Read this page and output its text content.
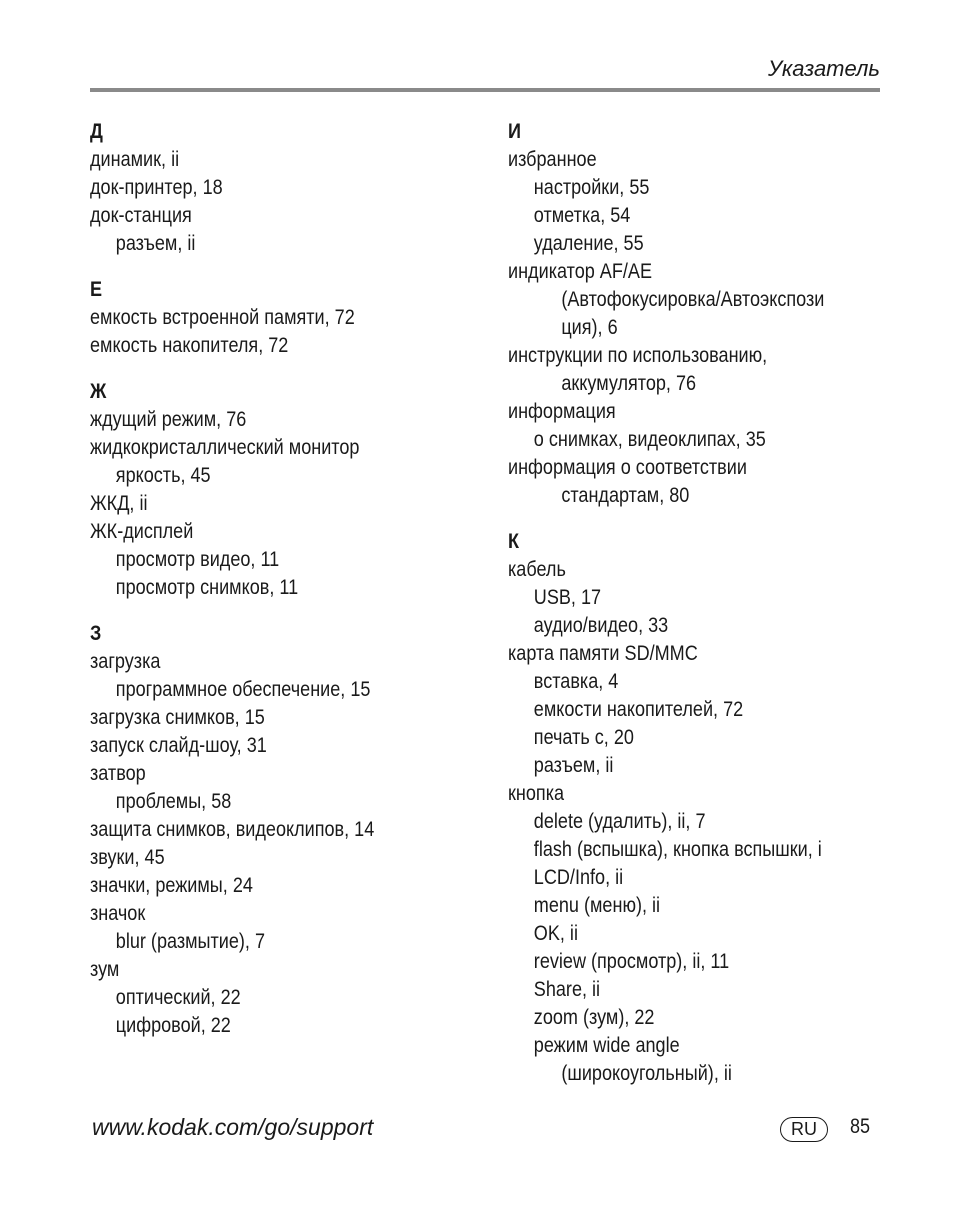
Указатель
Д
динамик, ii
док-принтер, 18
док-станция
разъем, ii
Е
емкость встроенной памяти, 72
емкость накопителя, 72
Ж
ждущий режим, 76
жидкокристаллический монитор
яркость, 45
ЖКД, ii
ЖК-дисплей
просмотр видео, 11
просмотр снимков, 11
З
загрузка
программное обеспечение, 15
загрузка снимков, 15
запуск слайд-шоу, 31
затвор
проблемы, 58
защита снимков, видеоклипов, 14
звуки, 45
значки, режимы, 24
значок
blur (размытие), 7
зум
оптический, 22
цифровой, 22
И
избранное
настройки, 55
отметка, 54
удаление, 55
индикатор AF/AE
(Автофокусировка/Автоэкспози
ция), 6
инструкции по использованию,
аккумулятор, 76
информация
о снимках, видеоклипах, 35
информация о соответствии
стандартам, 80
К
кабель
USB, 17
аудио/видео, 33
карта памяти SD/MMC
вставка, 4
емкости накопителей, 72
печать с, 20
разъем, ii
кнопка
delete (удалить), ii, 7
flash (вспышка), кнопка вспышки, i
LCD/Info, ii
menu (меню), ii
OK, ii
review (просмотр), ii, 11
Share, ii
zoom (зум), 22
режим wide angle
(широкоугольный), ii
www.kodak.com/go/support	RU	85
